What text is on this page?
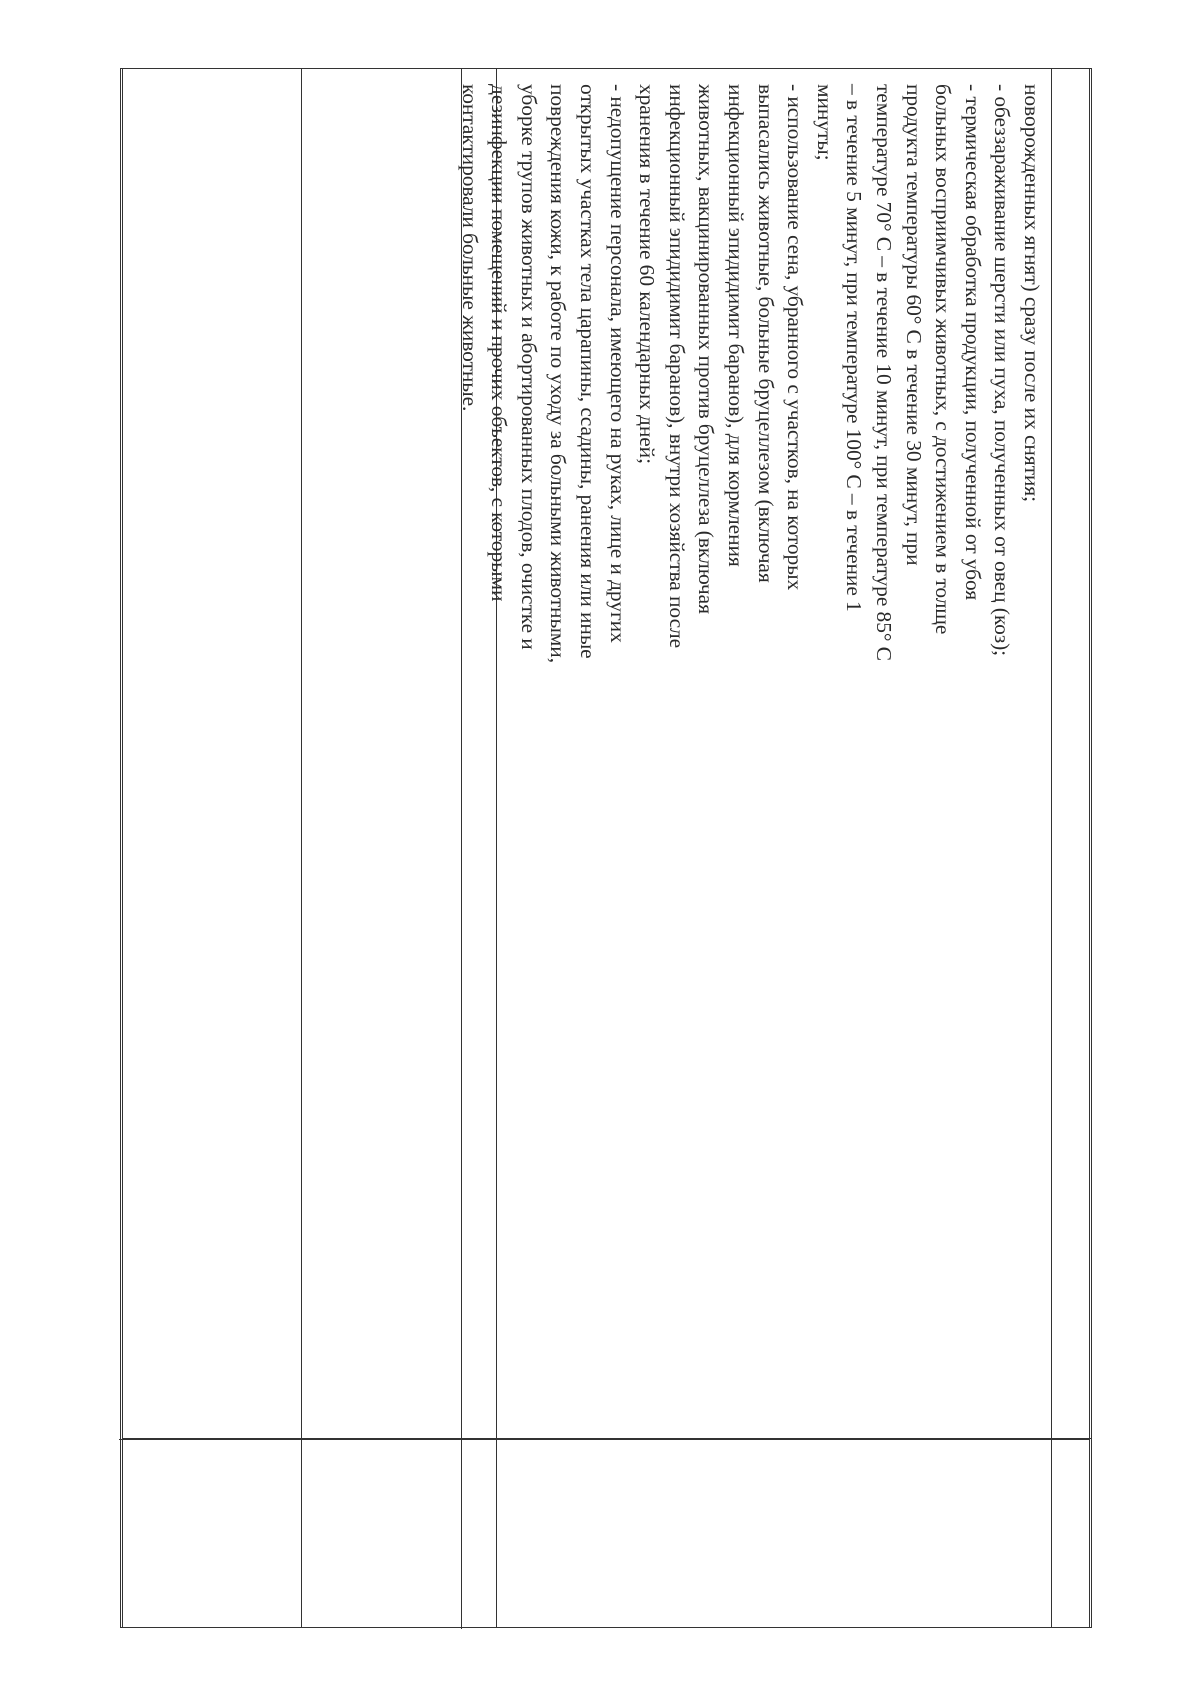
новорожденных ягнят) сразу после их снятия;
- обеззараживание шерсти или пуха, полученных от овец (коз);
- термическая обработка продукции, полученной от убоя
больных восприимчивых животных, с достижением в толще
продукта температуры 60° С в течение 30 минут, при
температуре 70° С – в течение 10 минут, при температуре 85° С
– в течение 5 минут, при температуре 100° С – в течение 1
минуты;
- использование сена, убранного с участков, на которых
выпасались животные, больные бруцеллезом (включая
инфекционный эпидидимит баранов), для кормления
животных, вакцинированных против бруцеллеза (включая
инфекционный эпидидимит баранов), внутри хозяйства после
хранения в течение 60 календарных дней;
- недопущение персонала, имеющего на руках, лице и других
открытых участках тела царапины, ссадины, ранения или иные
повреждения кожи, к работе по уходу за больными животными,
уборке трупов животных и абортированных плодов, очистке и
дезинфекции помещений и прочих объектов, с которыми
контактировали больные животные.
